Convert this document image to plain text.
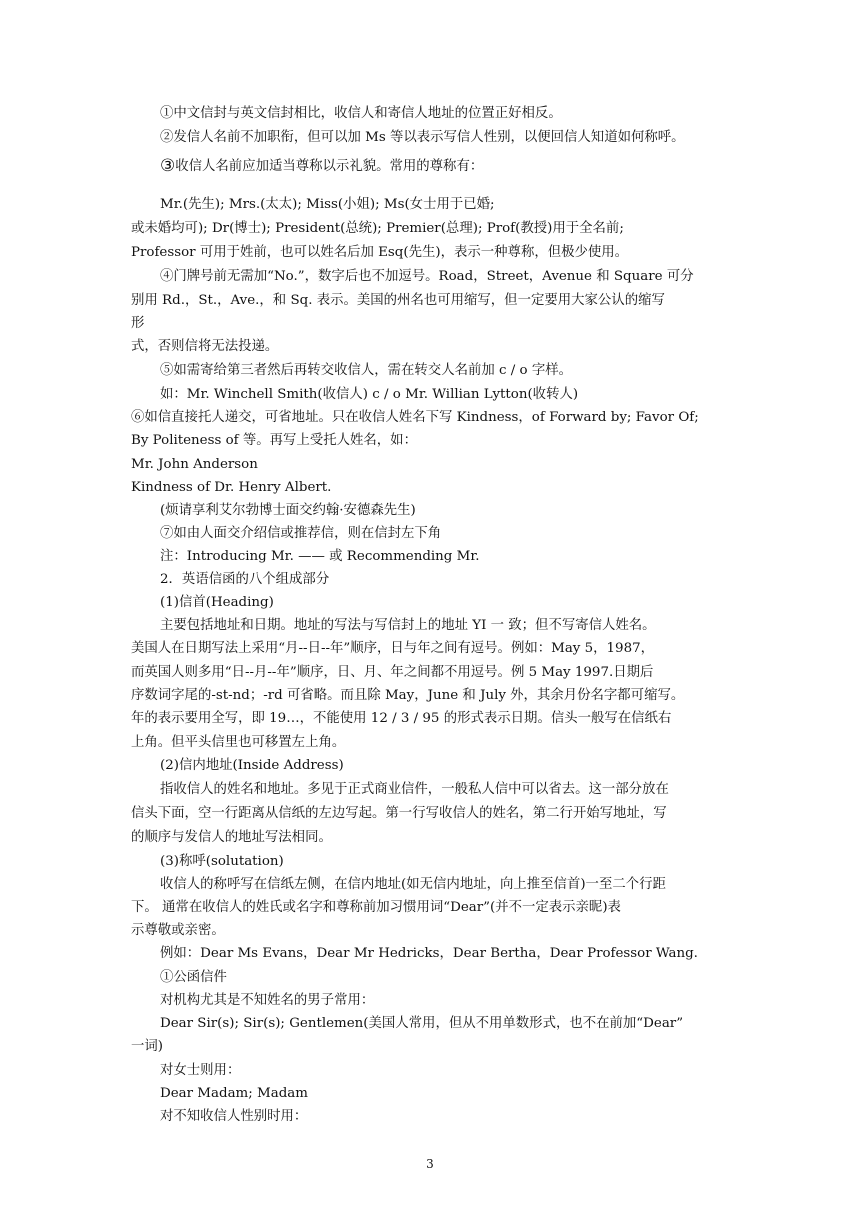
①中文信封与英文信封相比，收信人和寄信人地址的位置正好相反。
②发信人名前不加职衔，但可以加 Ms 等以表示写信人性别，以便回信人知道如何称呼。
③收信人名前应加适当尊称以示礼貌。常用的尊称有：
Mr.(先生); Mrs.(太太); Miss(小姐); Ms(女士用于已婚;
或未婚均可); Dr(博士); President(总统); Premier(总理); Prof(教授)用于全名前;
Professor 可用于姓前，也可以姓名后加 Esq(先生)，表示一种尊称，但极少使用。
④门牌号前无需加“No.”，数字后也不加逗号。Road，Street，Avenue 和 Square 可分
别用 Rd.，St.，Ave.，和 Sq. 表示。美国的州名也可用缩写，但一定要用大家公认的缩写
形
式，否则信将无法投递。
⑤如需寄给第三者然后再转交收信人，需在转交人名前加 c / o 字样。
如：Mr. Winchell Smith(收信人) c / o Mr. Willian Lytton(收转人)
⑥如信直接托人递交，可省地址。只在收信人姓名下写 Kindness，of Forward by; Favor Of;
By Politeness of 等。再写上受托人姓名，如：
Mr. John Anderson
Kindness of Dr. Henry Albert.
(烦请享利艾尔勃博士面交约翰·安德森先生)
⑦如由人面交介绍信或推荐信，则在信封左下角
注：Introducing Mr. —— 或 Recommending Mr.
2．英语信函的八个组成部分
(1)信首(Heading)
主要包括地址和日期。地址的写法与写信封上的地址 YI 一 致；但不写寄信人姓名。
美国人在日期写法上采用“月--日--年”顺序，日与年之间有逗号。例如：May 5，1987，
而英国人则多用“日--月--年”顺序，日、月、年之间都不用逗号。例 5 May 1997.日期后
序数词字尾的-st-nd；-rd 可省略。而且除 May，June 和 July 外，其余月份名字都可缩写。
年的表示要用全写，即 19…，不能使用 12 / 3 / 95 的形式表示日期。信头一般写在信纸右
上角。但平头信里也可移置左上角。
(2)信内地址(Inside Address)
指收信人的姓名和地址。多见于正式商业信件，一般私人信中可以省去。这一部分放在
信头下面，空一行距离从信纸的左边写起。第一行写收信人的姓名，第二行开始写地址，写
的顺序与发信人的地址写法相同。
(3)称呼(solutation)
收信人的称呼写在信纸左侧，在信内地址(如无信内地址，向上推至信首)一至二个行距
下。 通常在收信人的姓氏或名字和尊称前加习惯用词“Dear”(并不一定表示亲昵)表
示尊敬或亲密。
例如：Dear Ms Evans，Dear Mr Hedricks，Dear Bertha，Dear Professor Wang.
①公函信件
对机构尤其是不知姓名的男子常用：
Dear Sir(s); Sir(s); Gentlemen(美国人常用，但从不用单数形式，也不在前加“Dear”
一词)
对女士则用：
Dear Madam; Madam
对不知收信人性别时用：
3
